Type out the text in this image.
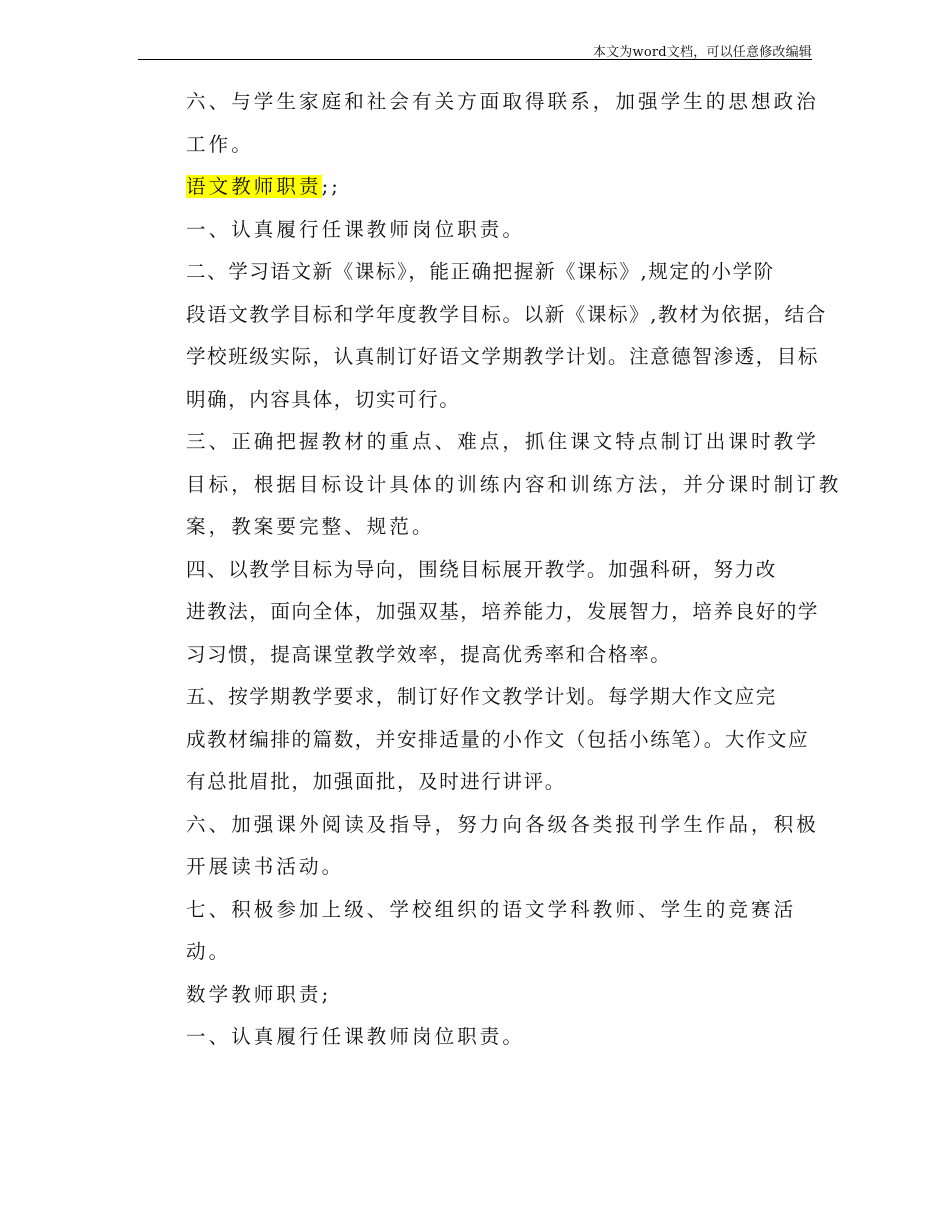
本文为word文档，可以任意修改编辑

六、与学生家庭和社会有关方面取得联系，加强学生的思想政治
工作。

语文教师职责;;

一、认真履行任课教师岗位职责。

二、学习语文新《课标》，能正确把握新《课标》,规定的小学阶
段语文教学目标和学年度教学目标。以新《课标》,教材为依据，结合
学校班级实际，认真制订好语文学期教学计划。注意德智渗透，目标
明确，内容具体，切实可行。

三、正确把握教材的重点、难点，抓住课文特点制订出课时教学
目标，根据目标设计具体的训练内容和训练方法，并分课时制订教
案，教案要完整、规范。

四、以教学目标为导向，围绕目标展开教学。加强科研，努力改
进教法，面向全体，加强双基，培养能力，发展智力，培养良好的学
习习惯，提高课堂教学效率，提高优秀率和合格率。

五、按学期教学要求，制订好作文教学计划。每学期大作文应完
成教材编排的篇数，并安排适量的小作文（包括小练笔）。大作文应
有总批眉批，加强面批，及时进行讲评。

六、加强课外阅读及指导，努力向各级各类报刊学生作品，积极
开展读书活动。

七、积极参加上级、学校组织的语文学科教师、学生的竞赛活
动。

数学教师职责;

一、认真履行任课教师岗位职责。
